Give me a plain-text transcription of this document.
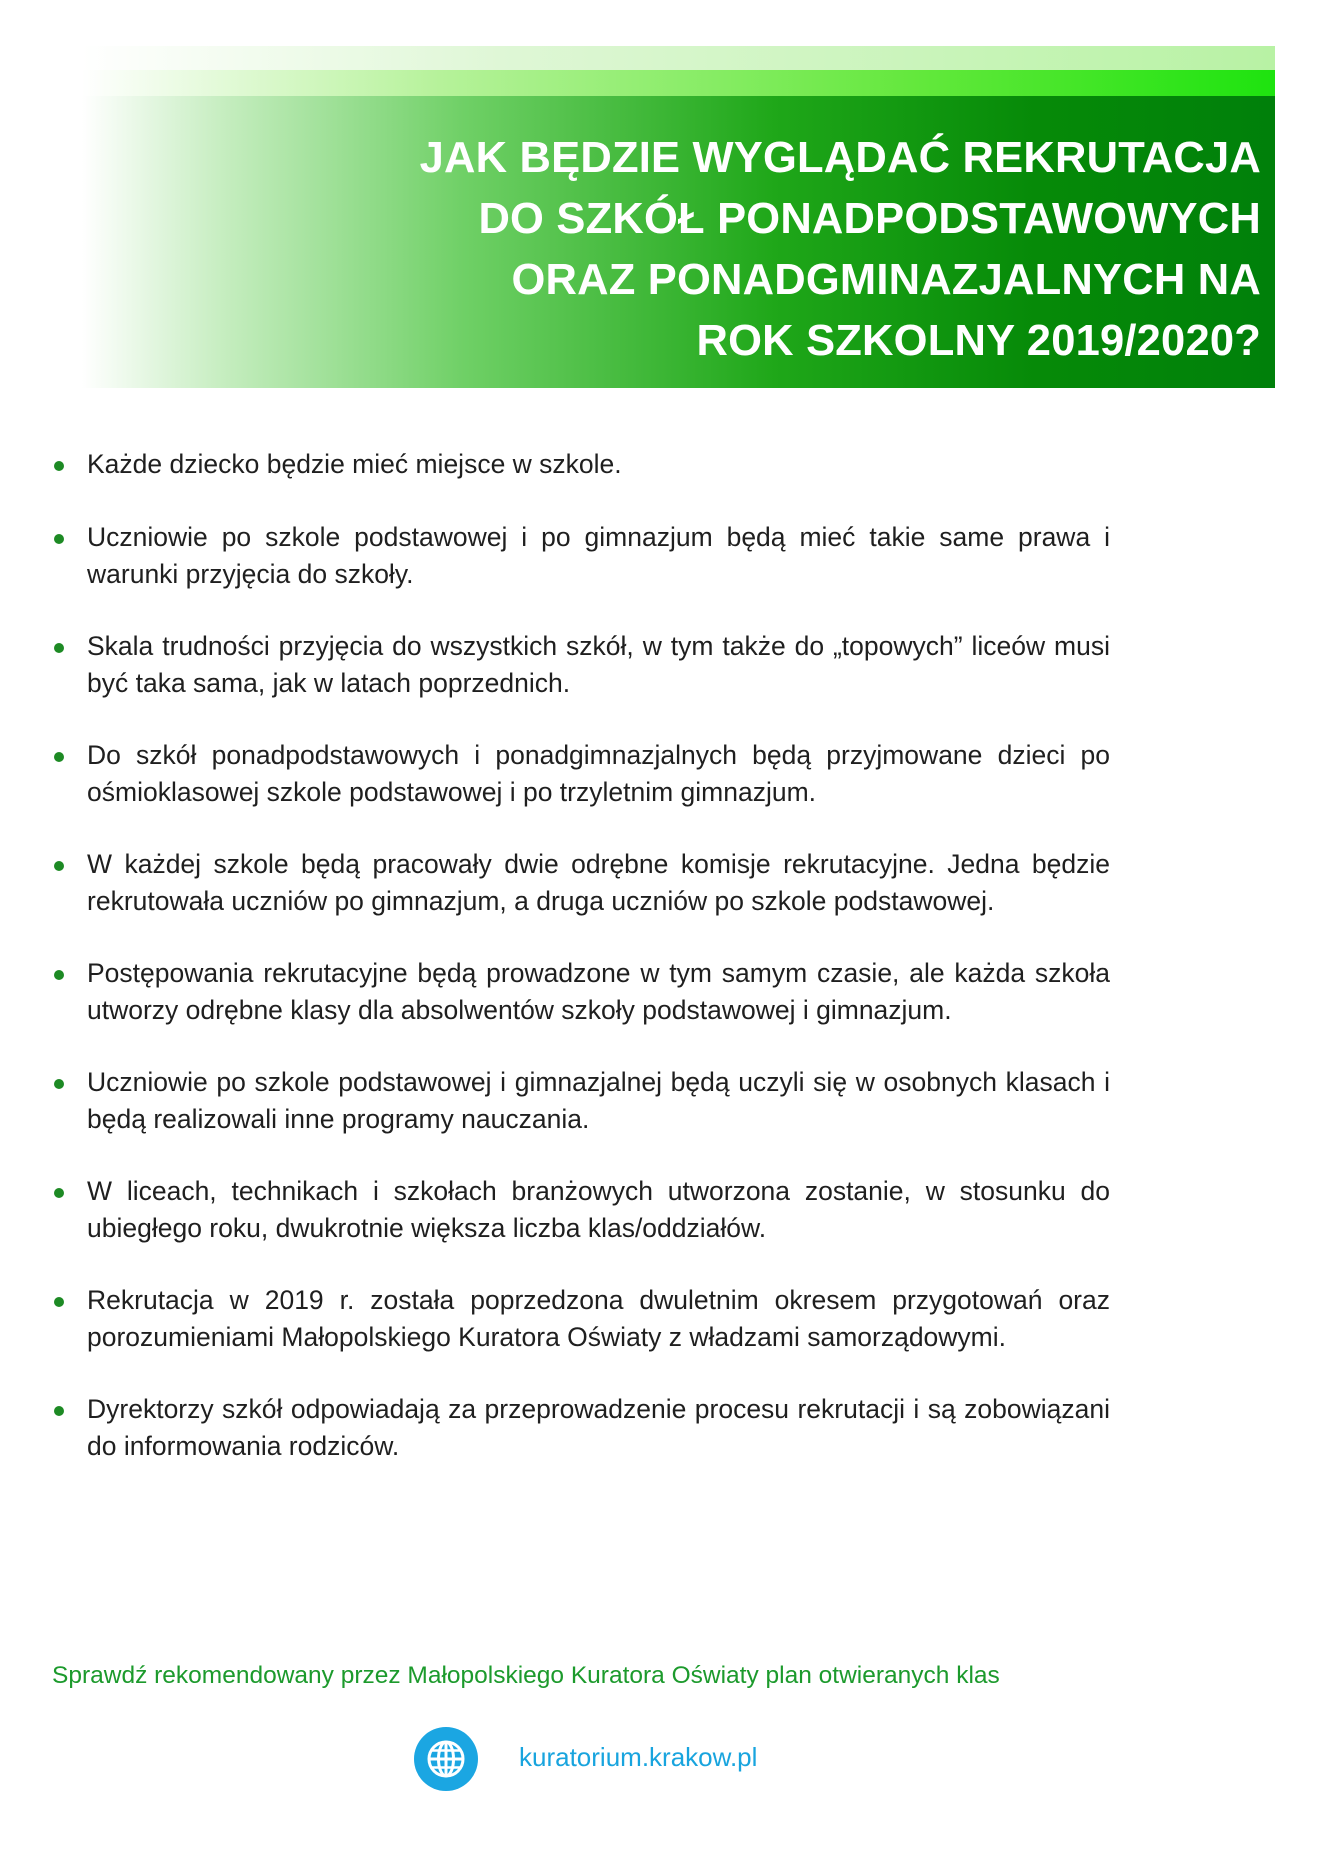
JAK BĘDZIE WYGLĄDAĆ REKRUTACJA
DO SZKÓŁ PONADPODSTAWOWYCH
ORAZ PONADGMINAZJALNYCH NA
ROK SZKOLNY 2019/2020?
Każde dziecko będzie mieć miejsce w szkole.
Uczniowie po szkole podstawowej i po gimnazjum będą mieć takie same prawa i warunki przyjęcia do szkoły.
Skala trudności przyjęcia do wszystkich szkół, w tym także do „topowych” liceów musi być taka sama, jak w latach poprzednich.
Do szkół ponadpodstawowych i ponadgimnazjalnych będą przyjmowane dzieci po ośmioklasowej szkole podstawowej i po trzyletnim gimnazjum.
W każdej szkole będą pracowały dwie odrębne komisje rekrutacyjne. Jedna będzie rekrutowała uczniów po gimnazjum, a druga uczniów po szkole podstawowej.
Postępowania rekrutacyjne będą prowadzone w tym samym czasie, ale każda szkoła utworzy odrębne klasy dla absolwentów szkoły podstawowej i gimnazjum.
Uczniowie po szkole podstawowej i gimnazjalnej będą uczyli się w osobnych klasach i będą realizowali inne programy nauczania.
W liceach, technikach i szkołach branżowych utworzona zostanie, w stosunku do ubiegłego roku, dwukrotnie większa liczba klas/oddziałów.
Rekrutacja w 2019 r. została poprzedzona dwuletnim okresem przygotowań oraz porozumieniami Małopolskiego Kuratora Oświaty z władzami samorządowymi.
Dyrektorzy szkół odpowiadają za przeprowadzenie procesu rekrutacji i są zobowiązani do informowania rodziców.
Sprawdź rekomendowany przez Małopolskiego Kuratora Oświaty plan otwieranych klas
kuratorium.krakow.pl
